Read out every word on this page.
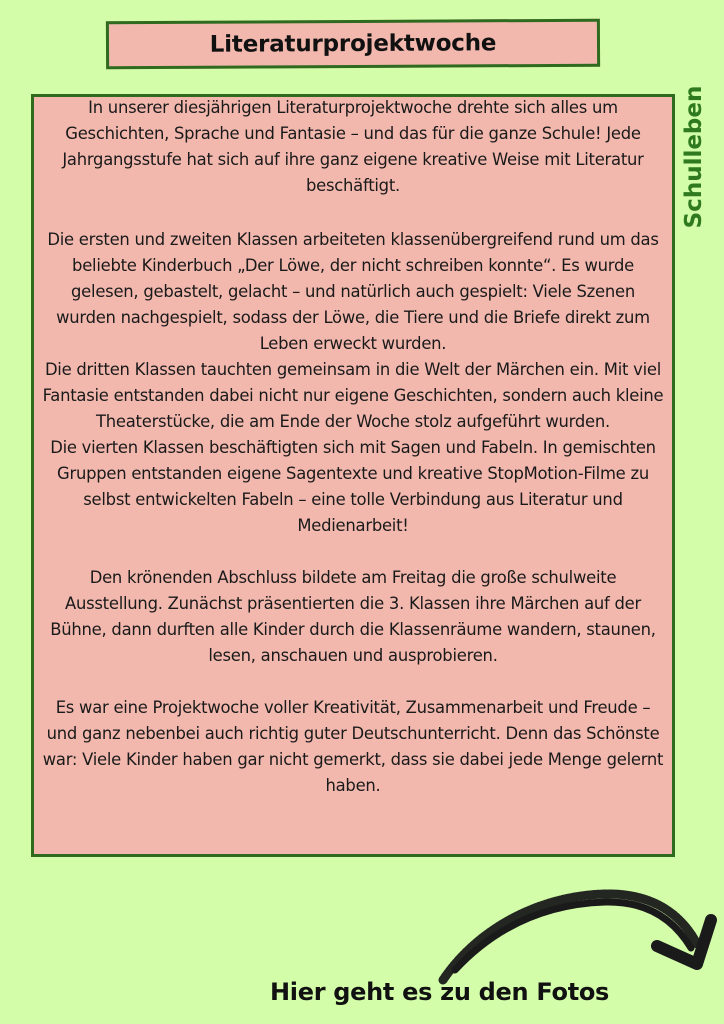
Literaturprojektwoche
Schulleben

In unserer diesjährigen Literaturprojektwoche drehte sich alles um Geschichten, Sprache und Fantasie – und das für die ganze Schule! Jede Jahrgangsstufe hat sich auf ihre ganz eigene kreative Weise mit Literatur beschäftigt.

Die ersten und zweiten Klassen arbeiteten klassenübergreifend rund um das beliebte Kinderbuch „Der Löwe, der nicht schreiben konnte“. Es wurde gelesen, gebastelt, gelacht – und natürlich auch gespielt: Viele Szenen wurden nachgespielt, sodass der Löwe, die Tiere und die Briefe direkt zum Leben erweckt wurden.

Die dritten Klassen tauchten gemeinsam in die Welt der Märchen ein. Mit viel Fantasie entstanden dabei nicht nur eigene Geschichten, sondern auch kleine Theaterstücke, die am Ende der Woche stolz aufgeführt wurden.

Die vierten Klassen beschäftigten sich mit Sagen und Fabeln. In gemischten Gruppen entstanden eigene Sagentexte und kreative StopMotion-Filme zu selbst entwickelten Fabeln – eine tolle Verbindung aus Literatur und Medienarbeit!

Den krönenden Abschluss bildete am Freitag die große schulweite Ausstellung. Zunächst präsentierten die 3. Klassen ihre Märchen auf der Bühne, dann durften alle Kinder durch die Klassenräume wandern, staunen, lesen, anschauen und ausprobieren.

Es war eine Projektwoche voller Kreativität, Zusammenarbeit und Freude – und ganz nebenbei auch richtig guter Deutschunterricht. Denn das Schönste war: Viele Kinder haben gar nicht gemerkt, dass sie dabei jede Menge gelernt haben.

Hier geht es zu den Fotos
